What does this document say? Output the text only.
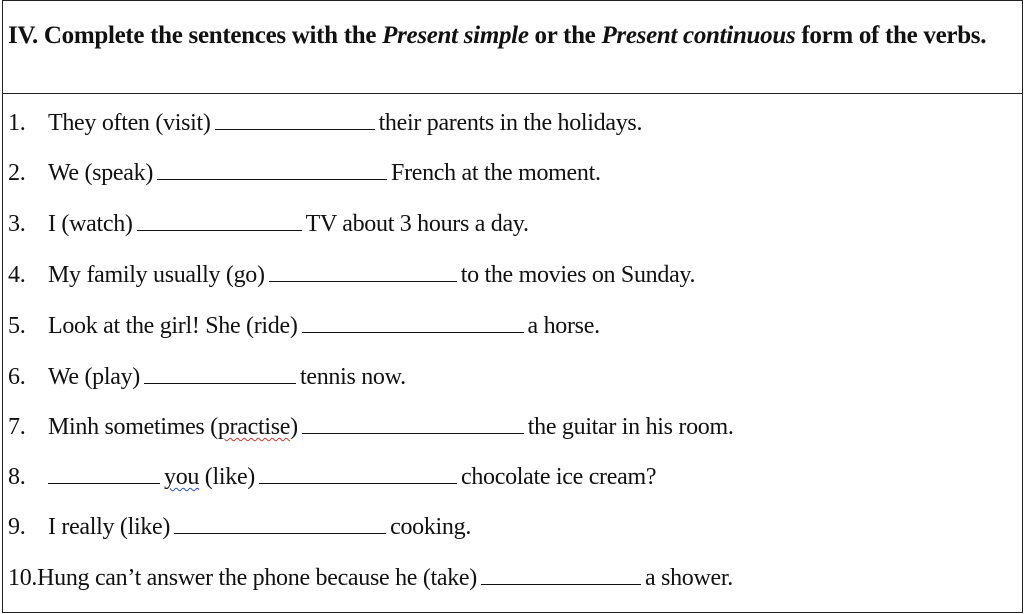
IV. Complete the sentences with the Present simple or the Present continuous form of the verbs.
1. They often (visit)	their parents in the holidays.
2. We (speak)	French at the moment.
3. I (watch)	TV about 3 hours a day.
4. My family usually (go)	to the movies on Sunday.
5. Look at the girl! She (ride)	a horse.
6. We (play)	tennis now.
7. Minh sometimes (practise)	the guitar in his room.
8.	you (like)	chocolate ice cream?
9. I really (like)	cooking.
10.Hung can’t answer the phone because he (take)	a shower.
